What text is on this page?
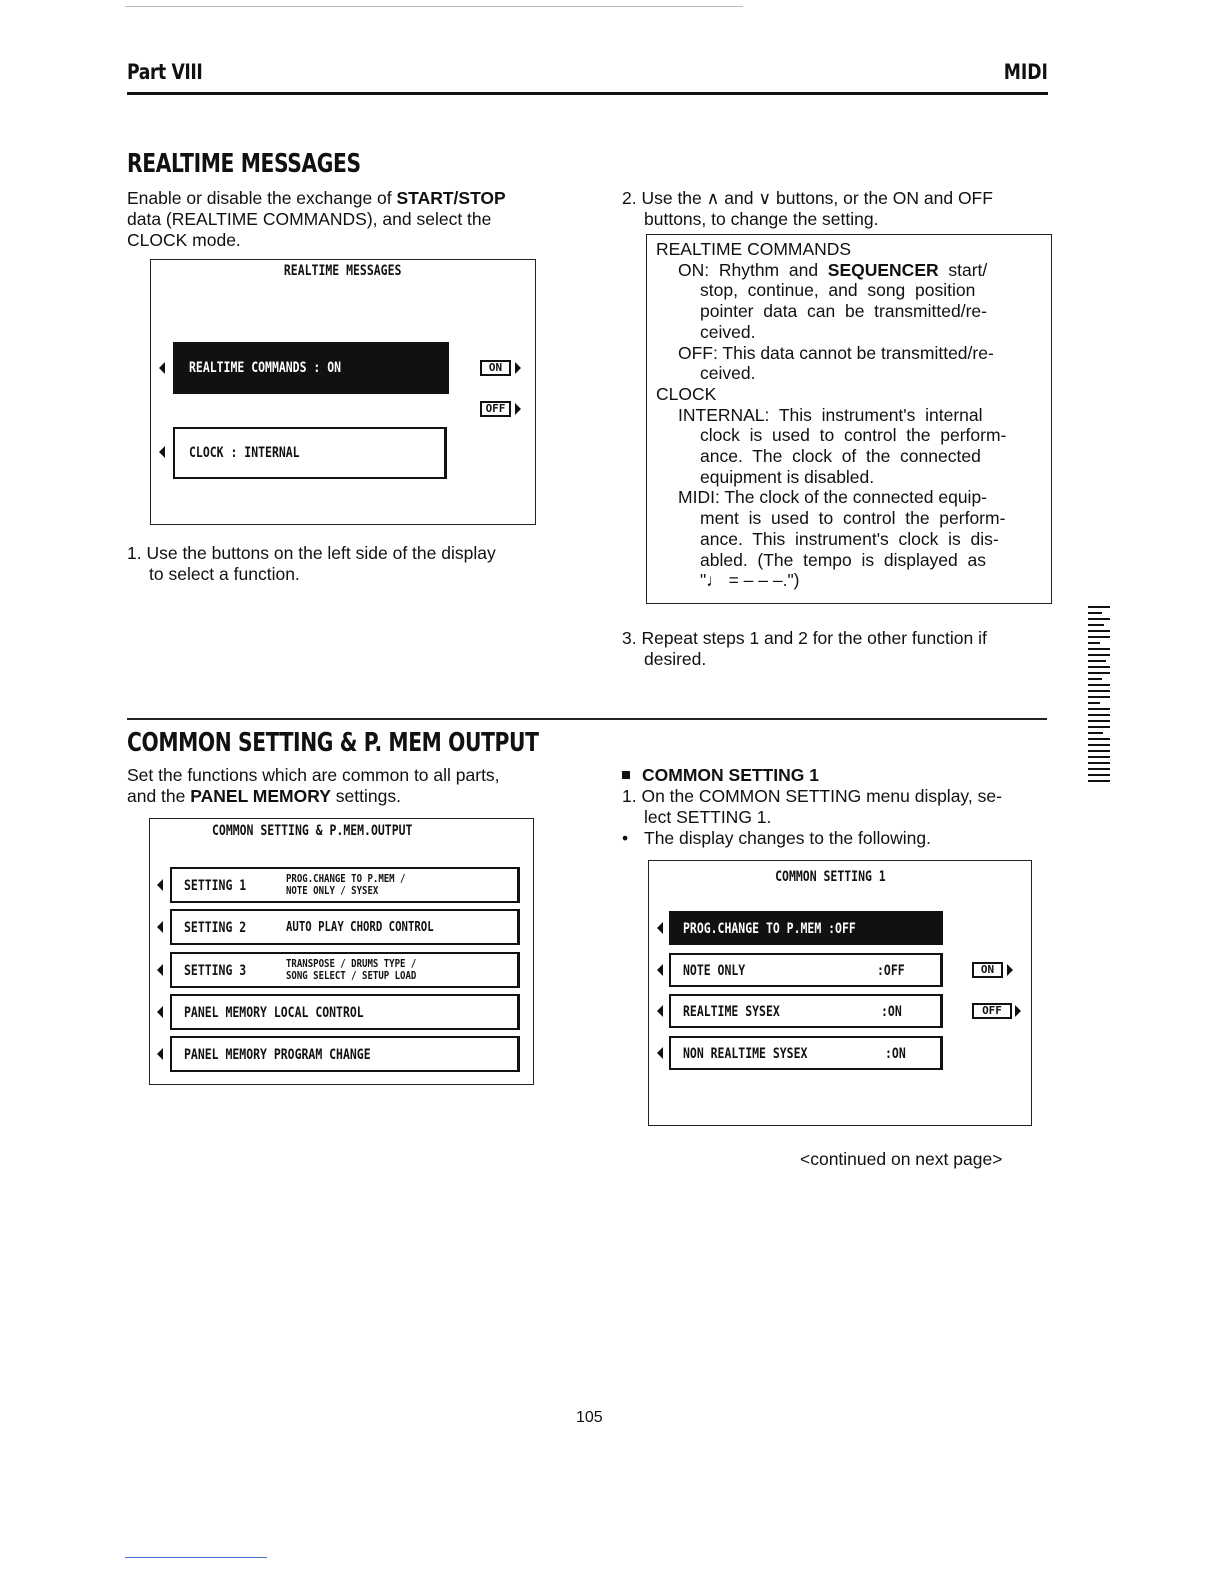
Part VIII	MIDI
REALTIME MESSAGES
Enable or disable the exchange of START/STOP
data (REALTIME COMMANDS), and select the
CLOCK mode.
REALTIME MESSAGES
REALTIME COMMANDS : ON
CLOCK : INTERNAL
ON
OFF
1. Use the buttons on the left side of the display
to select a function.
2. Use the ∧ and ∨ buttons, or the ON and OFF
buttons, to change the setting.
REALTIME COMMANDS
ON:  Rhythm  and  SEQUENCER  start/
stop,  continue,  and  song  position
pointer  data  can  be  transmitted/re-
ceived.
OFF: This data cannot be transmitted/re-
ceived.
CLOCK
INTERNAL:  This  instrument's  internal
clock  is  used  to  control  the  perform-
ance.  The  clock  of  the  connected
equipment is disabled.
MIDI: The clock of the connected equip-
ment  is  used  to  control  the  perform-
ance.  This  instrument's  clock  is  dis-
abled.  (The  tempo  is  displayed  as
"♩ = – – –.")
3. Repeat steps 1 and 2 for the other function if
desired.
COMMON SETTING & P. MEM OUTPUT
Set the functions which are common to all parts,
and the PANEL MEMORY settings.
COMMON SETTING & P.MEM.OUTPUT
SETTING 1	PROG.CHANGE TO P.MEM /
NOTE ONLY / SYSEX
SETTING 2	AUTO PLAY CHORD CONTROL
SETTING 3	TRANSPOSE / DRUMS TYPE /
SONG SELECT / SETUP LOAD
PANEL MEMORY LOCAL CONTROL
PANEL MEMORY PROGRAM CHANGE
COMMON SETTING 1
1. On the COMMON SETTING menu display, se-
lect SETTING 1.
• The display changes to the following.
COMMON SETTING 1
PROG.CHANGE TO P.MEM :OFF
NOTE ONLY	:OFF
REALTIME SYSEX	:ON
NON REALTIME SYSEX	:ON
ON
OFF
<continued on next page>
105
